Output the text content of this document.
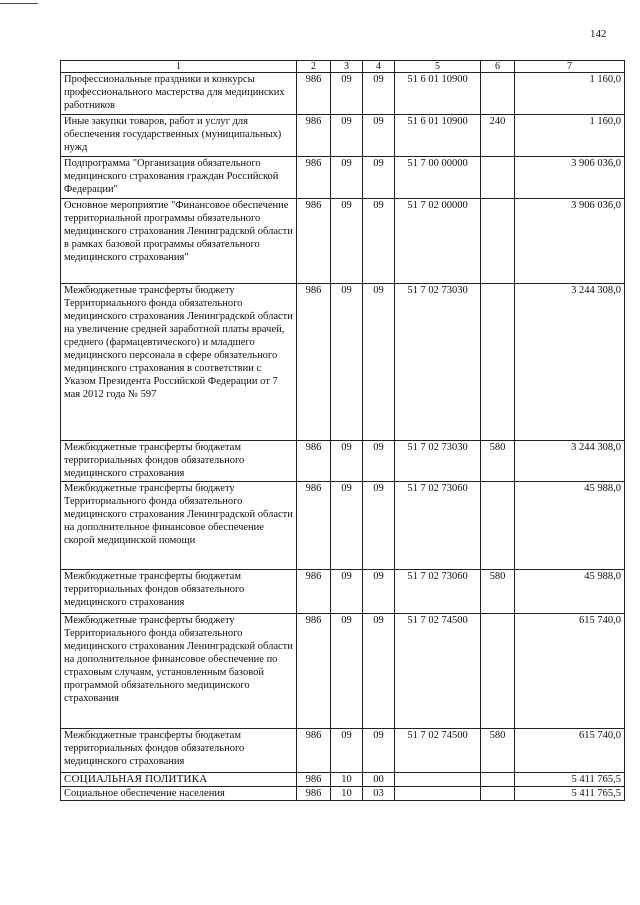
142
1	2	3	4	5	6	7
Профессиональные праздники и конкурсы профессионального мастерства для медицинских работников	986	09	09	51 6 01 10900		1 160,0
Иные закупки товаров, работ и услуг для обеспечения государственных (муниципальных) нужд	986	09	09	51 6 01 10900	240	1 160,0
Подпрограмма "Организация обязательного медицинского страхования граждан Российской Федерации"	986	09	09	51 7 00 00000		3 906 036,0
Основное мероприятие "Финансовое обеспечение территориальной программы обязательного медицинского страхования Ленинградской области в рамках базовой программы обязательного медицинского страхования"	986	09	09	51 7 02 00000		3 906 036,0
Межбюджетные трансферты бюджету Территориального фонда обязательного медицинского страхования Ленинградской области на увеличение средней заработной платы врачей, среднего (фармацевтического) и младшего медицинского персонала в сфере обязательного медицинского страхования в соответствии с Указом Президента Российской Федерации от 7 мая 2012 года № 597	986	09	09	51 7 02 73030		3 244 308,0
Межбюджетные трансферты бюджетам территориальных фондов обязательного медицинского страхования	986	09	09	51 7 02 73030	580	3 244 308,0
Межбюджетные трансферты бюджету Территориального фонда обязательного медицинского страхования Ленинградской области на дополнительное финансовое обеспечение скорой медицинской помощи	986	09	09	51 7 02 73060		45 988,0
Межбюджетные трансферты бюджетам территориальных фондов обязательного медицинского страхования	986	09	09	51 7 02 73060	580	45 988,0
Межбюджетные трансферты бюджету Территориального фонда обязательного медицинского страхования Ленинградской области на дополнительное финансовое обеспечение по страховым случаям, установленным базовой программой обязательного медицинского страхования	986	09	09	51 7 02 74500		615 740,0
Межбюджетные трансферты бюджетам территориальных фондов обязательного медицинского страхования	986	09	09	51 7 02 74500	580	615 740,0
СОЦИАЛЬНАЯ ПОЛИТИКА	986	10	00			5 411 765,5
Социальное обеспечение населения	986	10	03			5 411 765,5
